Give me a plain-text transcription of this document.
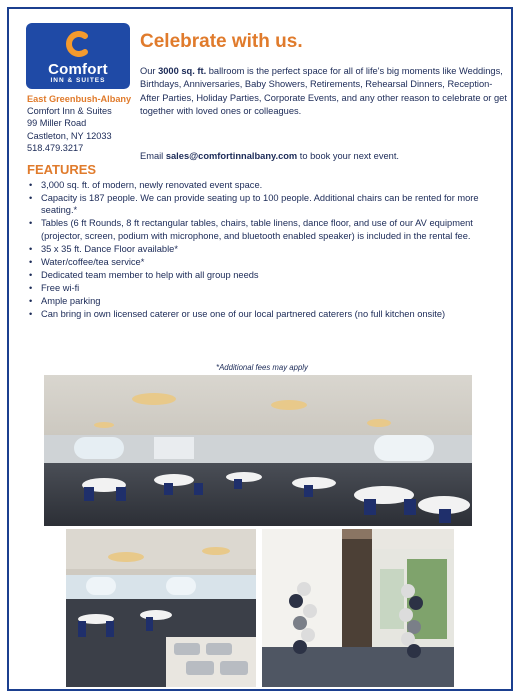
Comfort
INN & SUITES
East Greenbush-Albany
Comfort Inn & Suites
99 Miller Road
Castleton, NY 12033
518.479.3217
Celebrate with us.
Our 3000 sq. ft. ballroom is the perfect space for all of life's big moments like Weddings, Birthdays, Anniversaries, Baby Showers, Retirements, Rehearsal Dinners, Reception-After Parties, Holiday Parties, Corporate Events, and any other reason to celebrate or get together with loved ones or colleagues.
Email sales@comfortinnalbany.com to book your next event.
FEATURES
• 3,000 sq. ft. of modern, newly renovated event space.
• Capacity is 187 people. We can provide seating up to 100 people. Additional chairs can be rented for more seating.*
• Tables (6 ft Rounds, 8 ft rectangular tables, chairs, table linens, dance floor, and use of our AV equipment (projector, screen, podium with microphone, and bluetooth enabled speaker) is included in the rental fee.
• 35 x 35 ft. Dance Floor available*
• Water/coffee/tea service*
• Dedicated team member to help with all group needs
• Free wi-fi
• Ample parking
• Can bring in own licensed caterer or use one of our local partnered caterers (no full kitchen onsite)
*Additional fees may apply
